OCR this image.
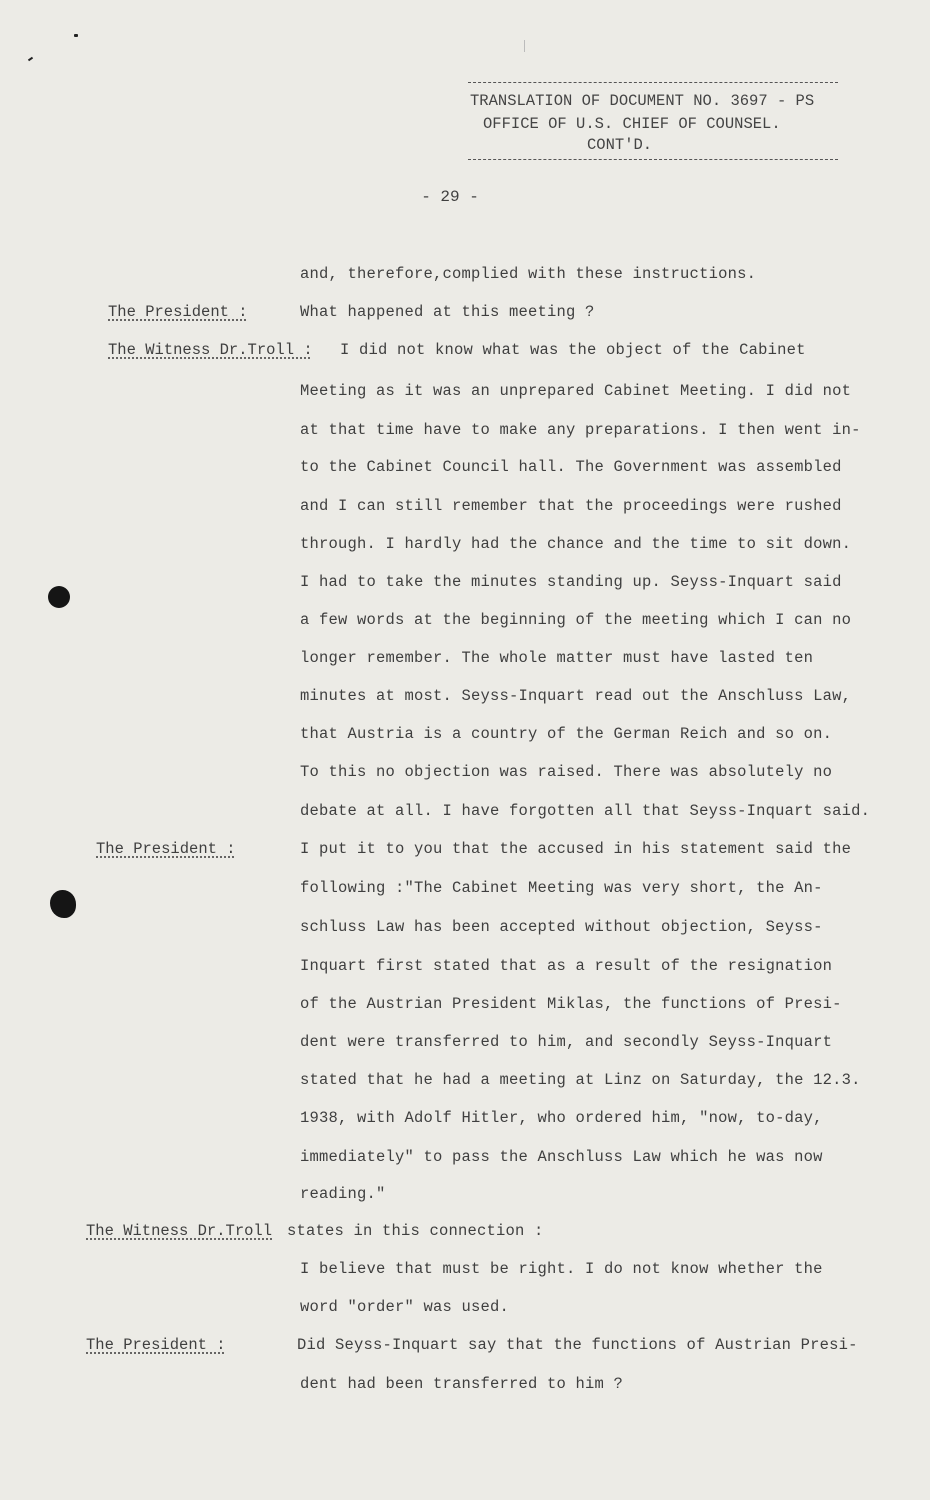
TRANSLATION OF DOCUMENT NO. 3697 - PS
OFFICE OF U.S. CHIEF OF COUNSEL.
CONT'D.
- 29 -
The President :
The Witness Dr.Troll :
The President :
The Witness Dr.Troll
The President :
and, therefore,complied with these instructions.
What happened at this meeting ?
I did not know what was the object of the Cabinet
Meeting as it was an unprepared Cabinet Meeting. I did not
at that time have to make any preparations. I then went in-
to the Cabinet Council hall. The Government was assembled
and I can still remember that the proceedings were rushed
through. I hardly had the chance and the time to sit down.
I had to take the minutes standing up. Seyss-Inquart said
a few words at the beginning of the meeting which I can no
longer remember. The whole matter must have lasted ten
minutes at most. Seyss-Inquart read out the Anschluss Law,
that Austria is a country of the German Reich and so on.
To this no objection was raised. There was absolutely no
debate at all. I have forgotten all that Seyss-Inquart said.
I put it to you that the accused in his statement said the
following :"The Cabinet Meeting was very short, the An-
schluss Law has been accepted without objection, Seyss-
Inquart first stated that as a result of the resignation
of the Austrian President Miklas, the functions of Presi-
dent were transferred to him, and secondly Seyss-Inquart
stated that he had a meeting at Linz on Saturday, the 12.3.
1938, with Adolf Hitler, who ordered him, "now, to-day,
immediately" to pass the Anschluss Law which he was now
reading."
states in this connection :
I believe that must be right. I do not know whether the
word "order" was used.
Did Seyss-Inquart say that the functions of Austrian Presi-
dent had been transferred to him ?
